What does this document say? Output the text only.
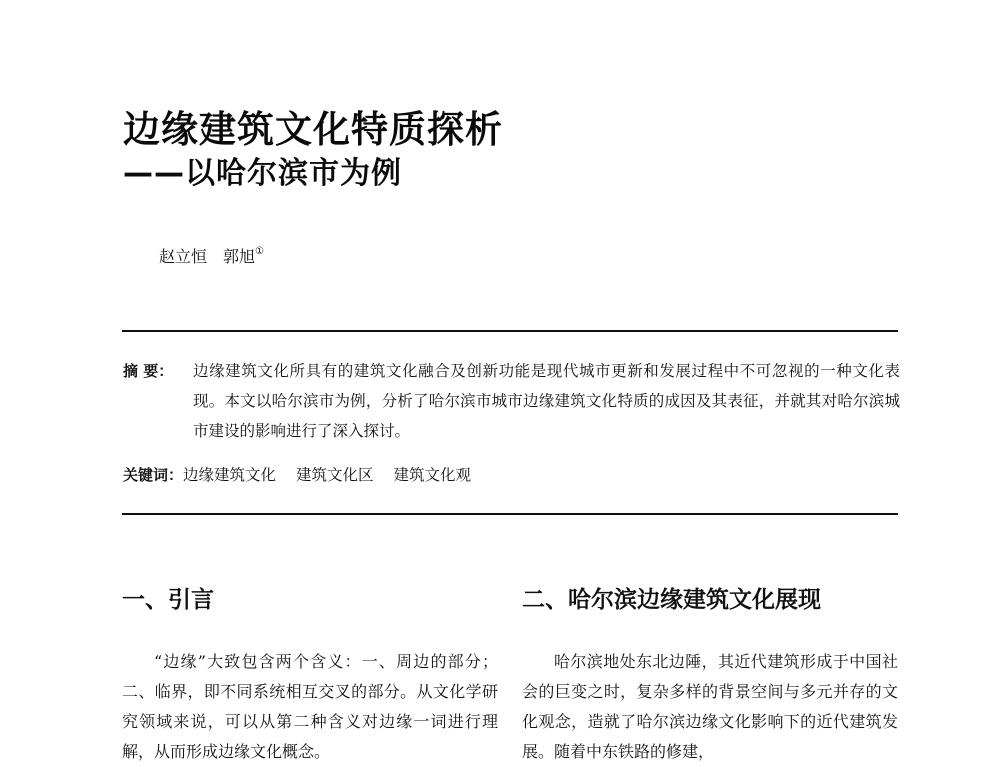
边缘建筑文化特质探析
——以哈尔滨市为例
赵立恒 郭旭①
摘 要： 边缘建筑文化所具有的建筑文化融合及创新功能是现代城市更新和发展过程中不可忽视的一种文化表现。本文以哈尔滨市为例，分析了哈尔滨市城市边缘建筑文化特质的成因及其表征，并就其对哈尔滨城市建设的影响进行了深入探讨。
关键词：边缘建筑文化 建筑文化区 建筑文化观
一、引言

“边缘”大致包含两个含义：一、周边的部分；二、临界，即不同系统相互交叉的部分。从文化学研究领域来说，可以从第二种含义对边缘一词进行理解，从而形成边缘文化概念。

二、哈尔滨边缘建筑文化展现

哈尔滨地处东北边陲，其近代建筑形成于中国社会的巨变之时，复杂多样的背景空间与多元并存的文化观念，造就了哈尔滨边缘文化影响下的近代建筑发展。随着中东铁路的修建，
